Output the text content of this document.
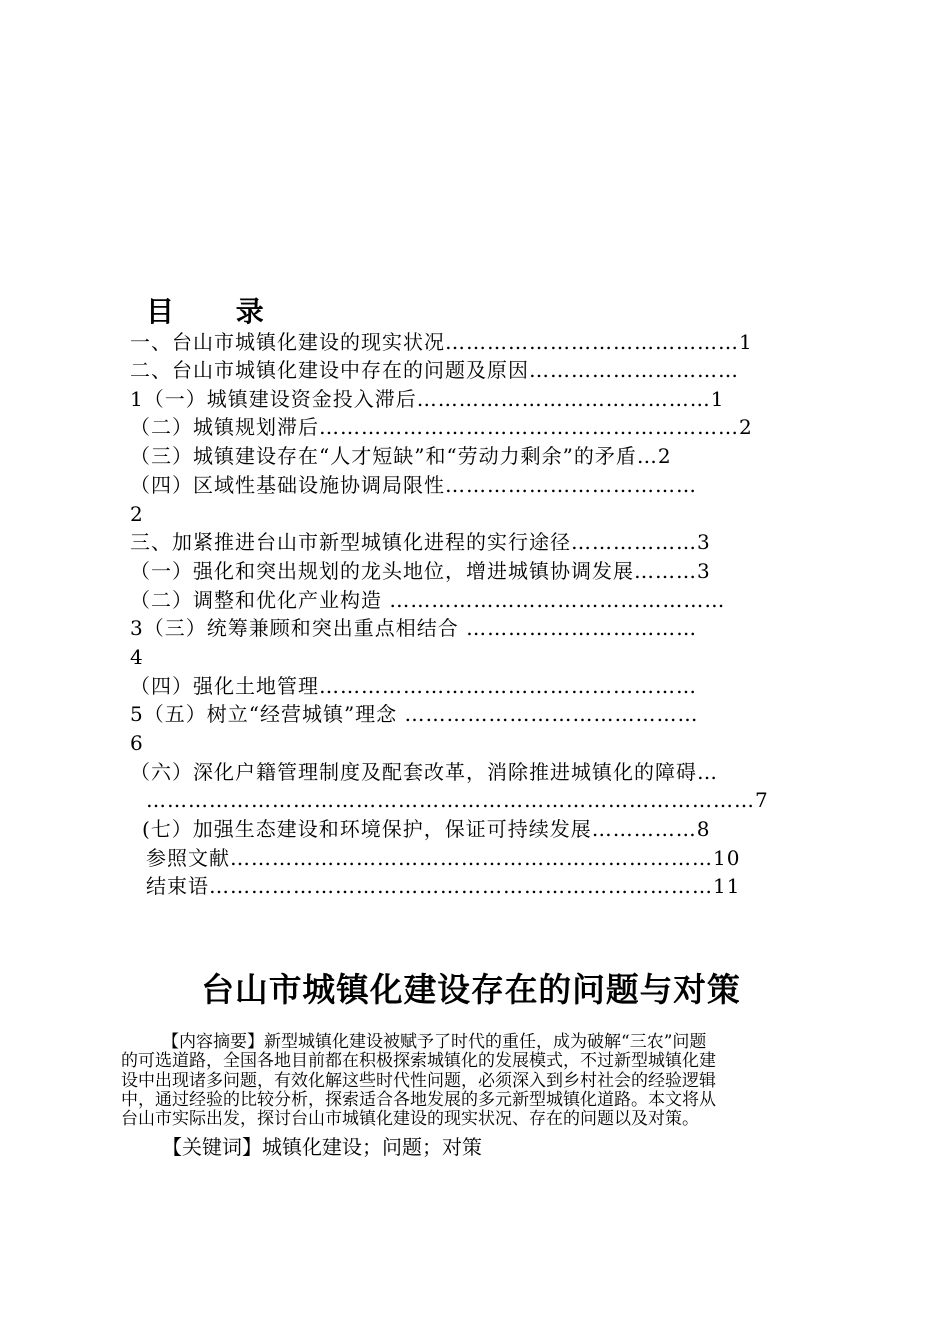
目 录
一、台山市城镇化建设的现实状况……………………………………1
二、台山市城镇化建设中存在的问题及原因…………………………
1（一）城镇建设资金投入滞后……………………………………1
（二）城镇规划滞后……………………………………………………2
（三）城镇建设存在“人才短缺”和“劳动力剩余”的矛盾…2
（四）区域性基础设施协调局限性………………………………
2
三、加紧推进台山市新型城镇化进程的实行途径………………3
（一）强化和突出规划的龙头地位，增进城镇协调发展………3
（二）调整和优化产业构造 …………………………………………
3（三）统筹兼顾和突出重点相结合 ……………………………
4
（四）强化土地管理………………………………………………
5（五）树立“经营城镇”理念 ……………………………………
6
（六）深化户籍管理制度及配套改革，消除推进城镇化的障碍…
……………………………………………………………………………7
(七）加强生态建设和环境保护，保证可持续发展……………8
参照文献……………………………………………………………10
结束语………………………………………………………………11
台山市城镇化建设存在的问题与对策
【内容摘要】新型城镇化建设被赋予了时代的重任，成为破解“三农”问题
的可选道路，全国各地目前都在积极探索城镇化的发展模式，不过新型城镇化建
设中出现诸多问题，有效化解这些时代性问题，必须深入到乡村社会的经验逻辑
中，通过经验的比较分析，探索适合各地发展的多元新型城镇化道路。本文将从
台山市实际出发，探讨台山市城镇化建设的现实状况、存在的问题以及对策。
【关键词】城镇化建设；问题；对策
